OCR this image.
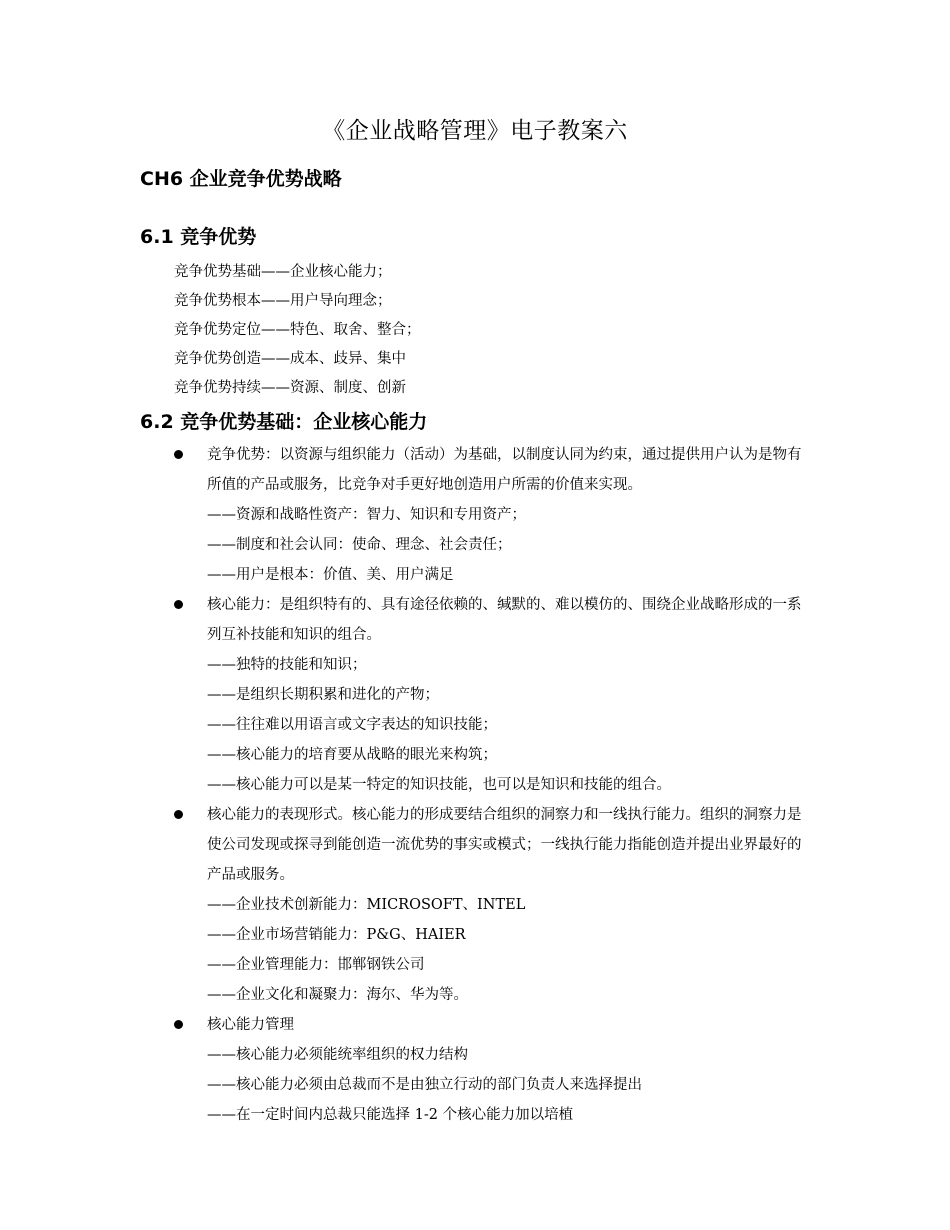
《企业战略管理》电子教案六
CH6 企业竞争优势战略
6.1 竞争优势
竞争优势基础——企业核心能力；
竞争优势根本——用户导向理念；
竞争优势定位——特色、取舍、整合；
竞争优势创造——成本、歧异、集中
竞争优势持续——资源、制度、创新
6.2 竞争优势基础：企业核心能力
竞争优势：以资源与组织能力（活动）为基础，以制度认同为约束，通过提供用户认为是物有所值的产品或服务，比竞争对手更好地创造用户所需的价值来实现。
——资源和战略性资产：智力、知识和专用资产；
——制度和社会认同：使命、理念、社会责任；
——用户是根本：价值、美、用户满足
核心能力：是组织特有的、具有途径依赖的、缄默的、难以模仿的、围绕企业战略形成的一系列互补技能和知识的组合。
——独特的技能和知识；
——是组织长期积累和进化的产物；
——往往难以用语言或文字表达的知识技能；
——核心能力的培育要从战略的眼光来构筑；
——核心能力可以是某一特定的知识技能，也可以是知识和技能的组合。
核心能力的表现形式。核心能力的形成要结合组织的洞察力和一线执行能力。组织的洞察力是使公司发现或探寻到能创造一流优势的事实或模式；一线执行能力指能创造并提出业界最好的产品或服务。
——企业技术创新能力：MICROSOFT、INTEL
——企业市场营销能力：P&G、HAIER
——企业管理能力：邯郸钢铁公司
——企业文化和凝聚力：海尔、华为等。
核心能力管理
——核心能力必须能统率组织的权力结构
——核心能力必须由总裁而不是由独立行动的部门负责人来选择提出
——在一定时间内总裁只能选择 1-2 个核心能力加以培植
